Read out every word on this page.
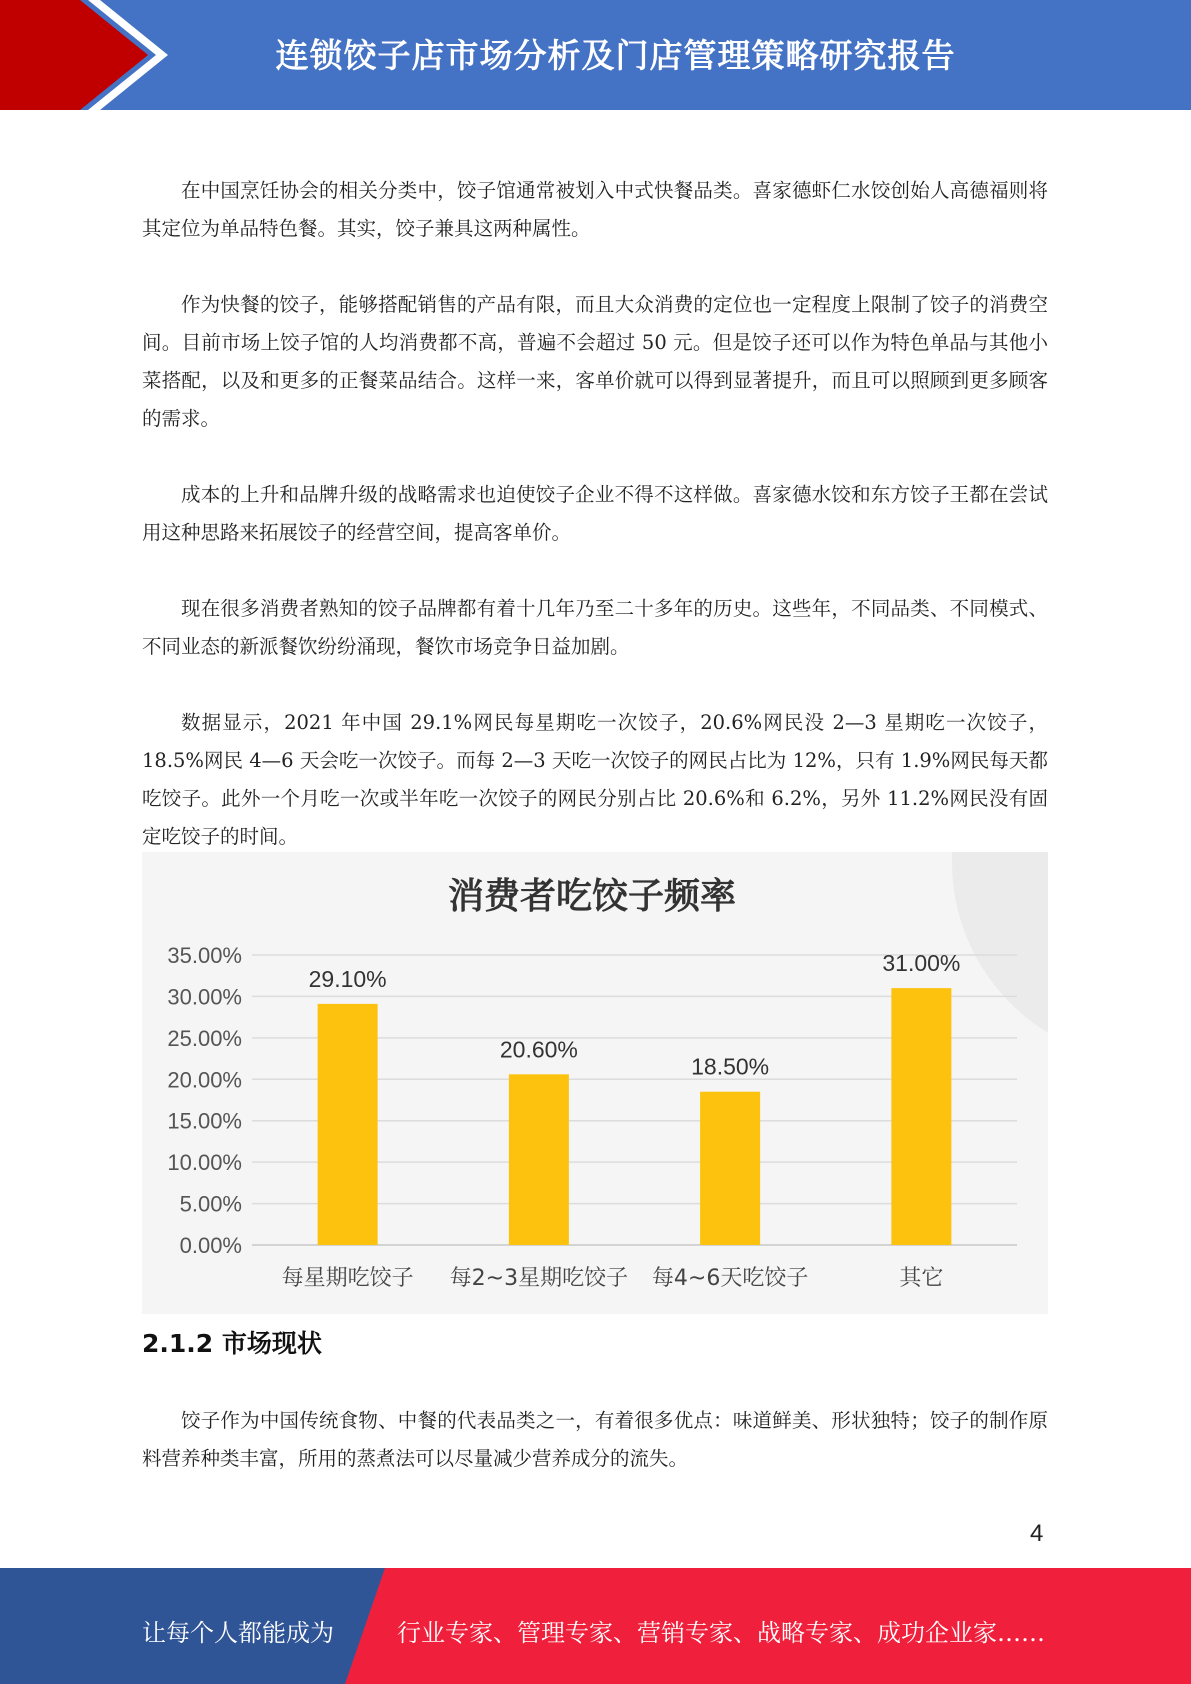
连锁饺子店市场分析及门店管理策略研究报告

在中国烹饪协会的相关分类中，饺子馆通常被划入中式快餐品类。喜家德虾仁水饺创始人高德福则将其定位为单品特色餐。其实，饺子兼具这两种属性。

作为快餐的饺子，能够搭配销售的产品有限，而且大众消费的定位也一定程度上限制了饺子的消费空间。目前市场上饺子馆的人均消费都不高，普遍不会超过 50 元。但是饺子还可以作为特色单品与其他小菜搭配，以及和更多的正餐菜品结合。这样一来，客单价就可以得到显著提升，而且可以照顾到更多顾客的需求。

成本的上升和品牌升级的战略需求也迫使饺子企业不得不这样做。喜家德水饺和东方饺子王都在尝试用这种思路来拓展饺子的经营空间，提高客单价。

现在很多消费者熟知的饺子品牌都有着十几年乃至二十多年的历史。这些年，不同品类、不同模式、不同业态的新派餐饮纷纷涌现，餐饮市场竞争日益加剧。

数据显示，2021 年中国 29.1%网民每星期吃一次饺子，20.6%网民没 2—3 星期吃一次饺子，18.5%网民 4—6 天会吃一次饺子。而每 2—3 天吃一次饺子的网民占比为 12%，只有 1.9%网民每天都吃饺子。此外一个月吃一次或半年吃一次饺子的网民分别占比 20.6%和 6.2%，另外 11.2%网民没有固定吃饺子的时间。

消费者吃饺子频率
0.00%
5.00%
10.00%
15.00%
20.00%
25.00%
30.00%
35.00%
29.10%
20.60%
18.50%
31.00%
每星期吃饺子 每2~3星期吃饺子 每4~6天吃饺子	其它
2.1.2 市场现状

饺子作为中国传统食物、中餐的代表品类之一，有着很多优点：味道鲜美、形状独特；饺子的制作原料营养种类丰富，所用的蒸煮法可以尽量减少营养成分的流失。

4
让每个人都能成为	行业专家、管理专家、营销专家、战略专家、成功企业家……
